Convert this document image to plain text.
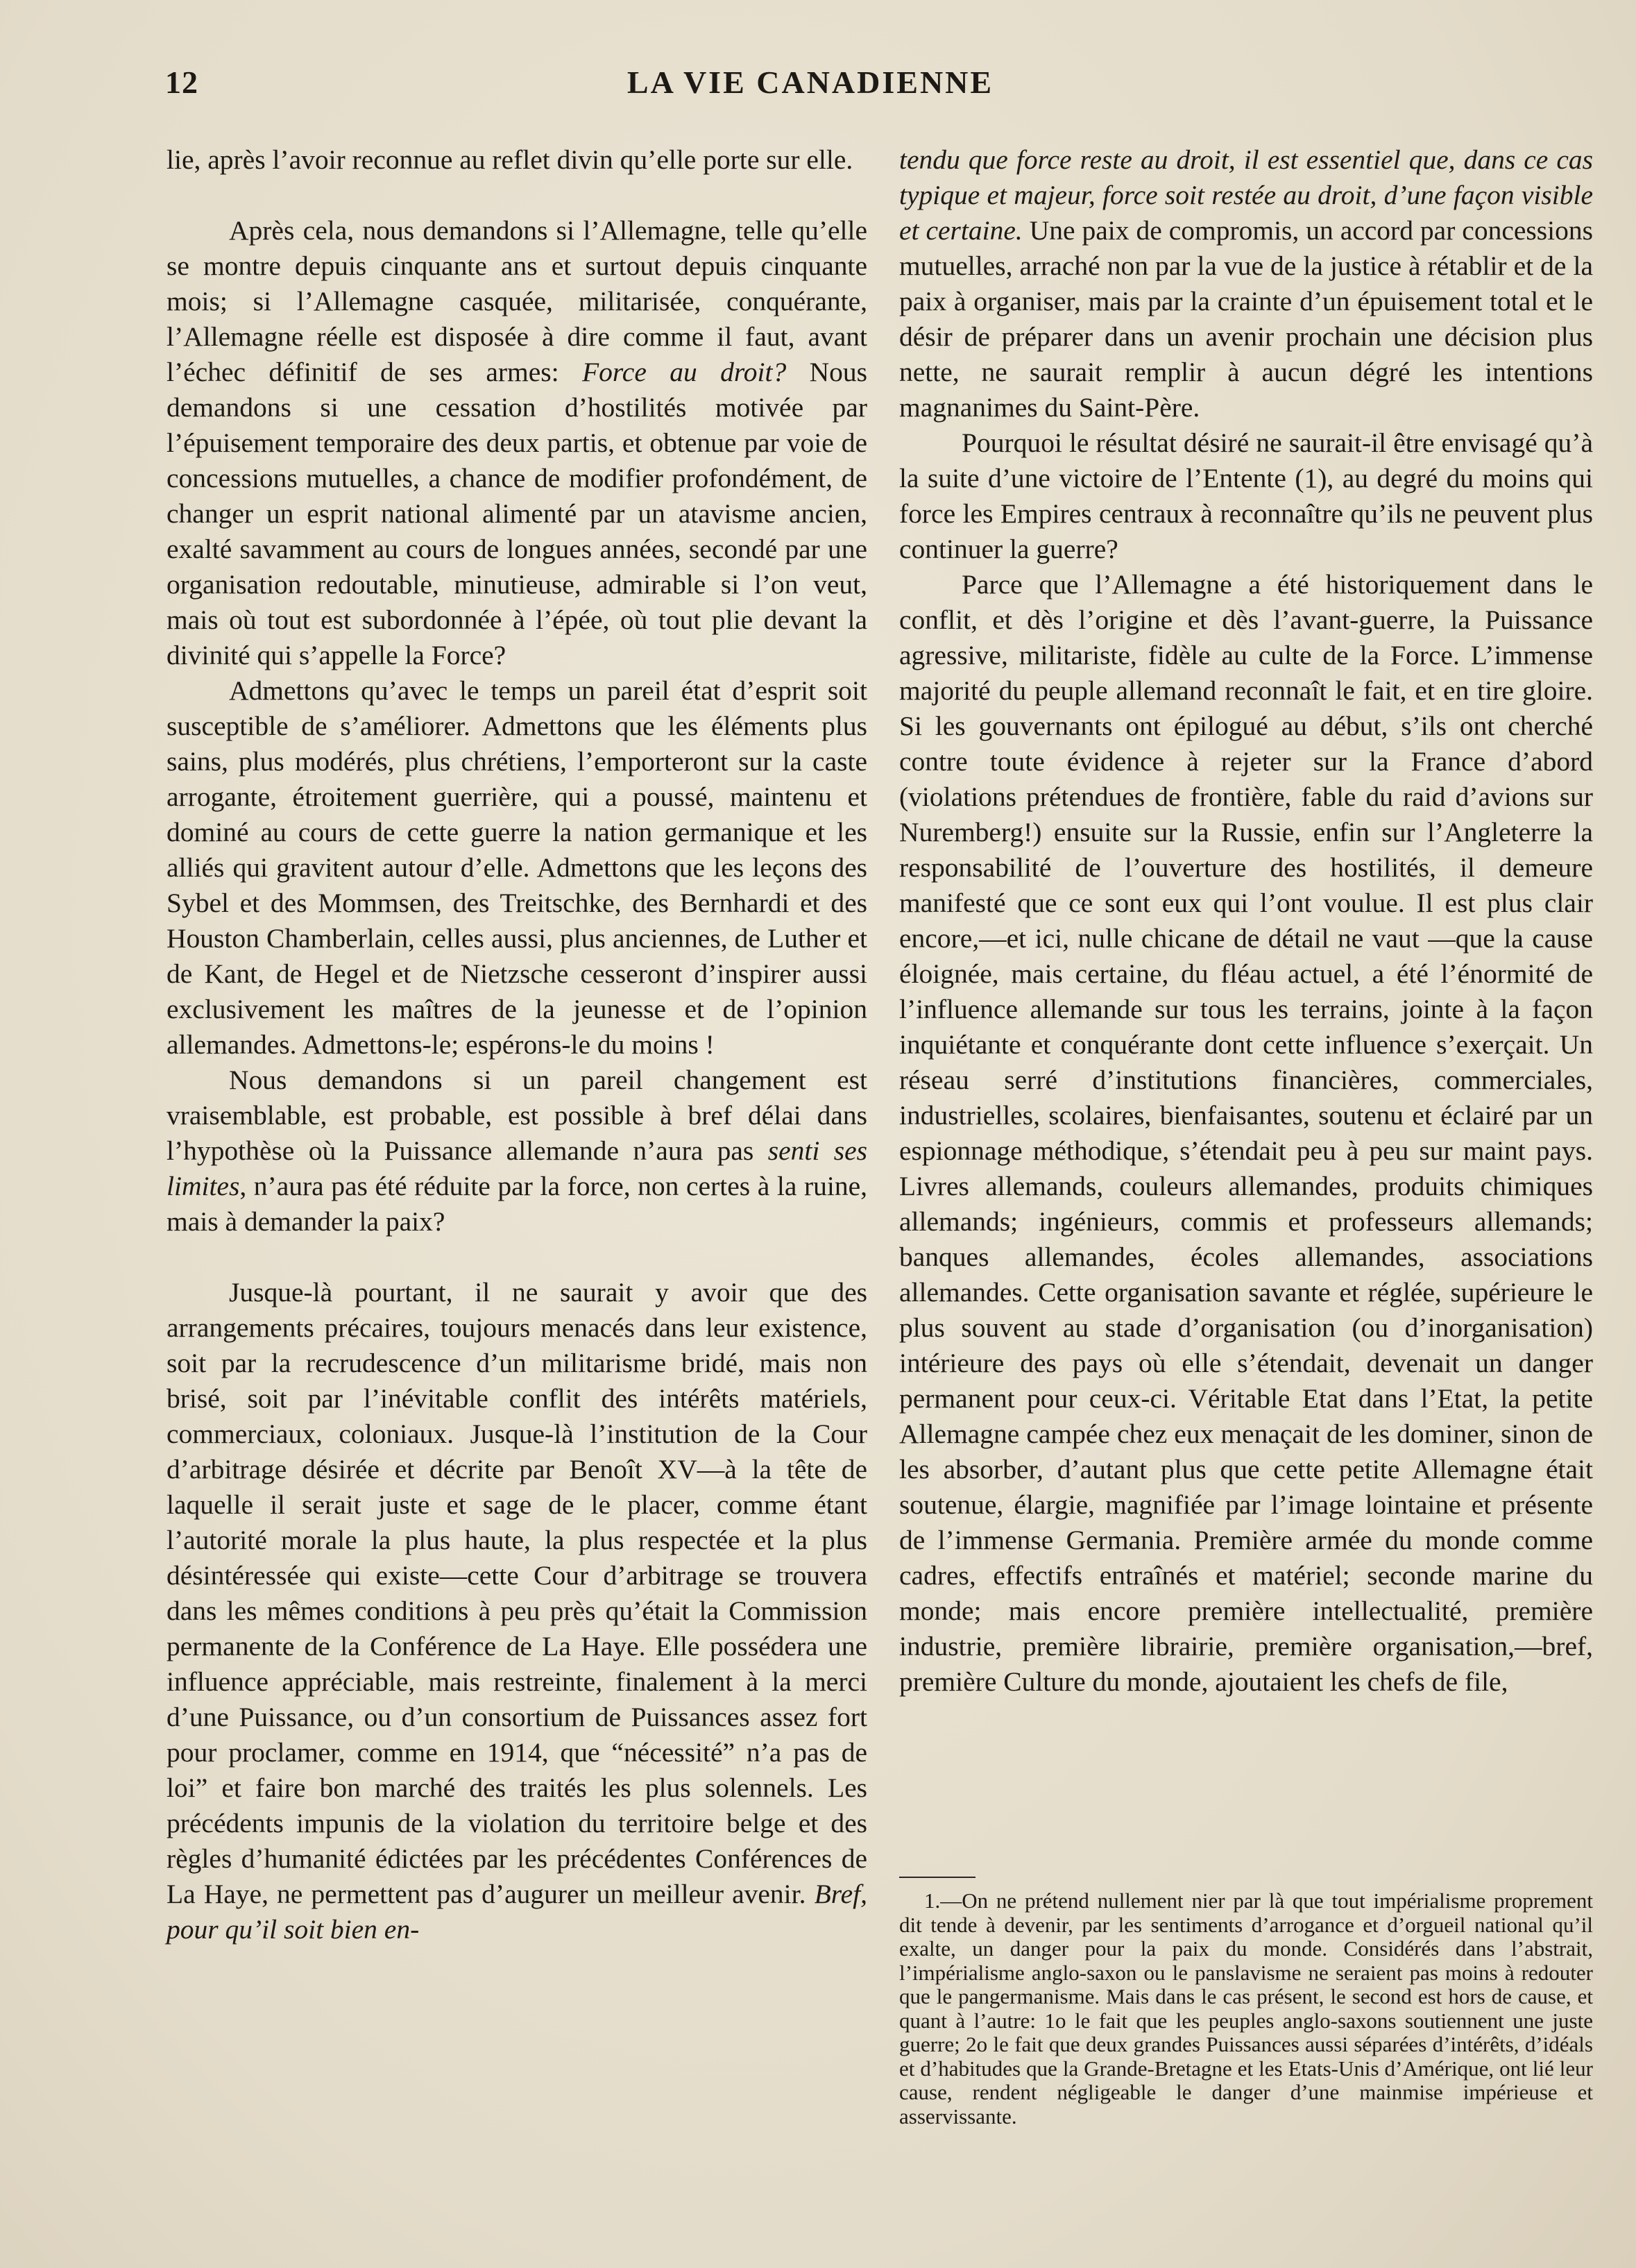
12	LA VIE CANADIENNE

lie, après l’avoir reconnue au reflet divin qu’elle porte sur elle.

Après cela, nous demandons si l’Allemagne, telle qu’elle se montre depuis cinquante ans et surtout depuis cinquante mois; si l’Allemagne casquée, militarisée, conquérante, l’Allemagne réelle est disposée à dire comme il faut, avant l’échec définitif de ses armes: Force au droit? Nous demandons si une cessation d’hostilités motivée par l’épuisement temporaire des deux partis, et obtenue par voie de concessions mutuelles, a chance de modifier profondément, de changer un esprit national alimenté par un atavisme ancien, exalté savamment au cours de longues années, secondé par une organisation redoutable, minutieuse, admirable si l’on veut, mais où tout est subordonnée à l’épée, où tout plie devant la divinité qui s’appelle la Force?

Admettons qu’avec le temps un pareil état d’esprit soit susceptible de s’améliorer. Admettons que les éléments plus sains, plus modérés, plus chrétiens, l’emporteront sur la caste arrogante, étroitement guerrière, qui a poussé, maintenu et dominé au cours de cette guerre la nation germanique et les alliés qui gravitent autour d’elle. Admettons que les leçons des Sybel et des Mommsen, des Treitschke, des Bernhardi et des Houston Chamberlain, celles aussi, plus anciennes, de Luther et de Kant, de Hegel et de Nietzsche cesseront d’inspirer aussi exclusivement les maîtres de la jeunesse et de l’opinion allemandes. Admettons-le; espérons-le du moins !

Nous demandons si un pareil changement est vraisemblable, est probable, est possible à bref délai dans l’hypothèse où la Puissance allemande n’aura pas senti ses limites, n’aura pas été réduite par la force, non certes à la ruine, mais à demander la paix?

Jusque-là pourtant, il ne saurait y avoir que des arrangements précaires, toujours menacés dans leur existence, soit par la recrudescence d’un militarisme bridé, mais non brisé, soit par l’inévitable conflit des intérêts matériels, commerciaux, coloniaux. Jusque-là l’institution de la Cour d’arbitrage désirée et décrite par Benoît XV—à la tête de laquelle il serait juste et sage de le placer, comme étant l’autorité morale la plus haute, la plus respectée et la plus désintéressée qui existe—cette Cour d’arbitrage se trouvera dans les mêmes conditions à peu près qu’était la Commission permanente de la Conférence de La Haye. Elle possédera une influence appréciable, mais restreinte, finalement à la merci d’une Puissance, ou d’un consortium de Puissances assez fort pour proclamer, comme en 1914, que “nécessité” n’a pas de loi” et faire bon marché des traités les plus solennels. Les précédents impunis de la violation du territoire belge et des règles d’humanité édictées par les précédentes Conférences de La Haye, ne permettent pas d’augurer un meilleur avenir. Bref, pour qu’il soit bien en-

tendu que force reste au droit, il est essentiel que, dans ce cas typique et majeur, force soit restée au droit, d’une façon visible et certaine. Une paix de compromis, un accord par concessions mutuelles, arraché non par la vue de la justice à rétablir et de la paix à organiser, mais par la crainte d’un épuisement total et le désir de préparer dans un avenir prochain une décision plus nette, ne saurait remplir à aucun dégré les intentions magnanimes du Saint-Père.

Pourquoi le résultat désiré ne saurait-il être envisagé qu’à la suite d’une victoire de l’Entente (1), au degré du moins qui force les Empires centraux à reconnaître qu’ils ne peuvent plus continuer la guerre?

Parce que l’Allemagne a été historiquement dans le conflit, et dès l’origine et dès l’avant-guerre, la Puissance agressive, militariste, fidèle au culte de la Force. L’immense majorité du peuple allemand reconnaît le fait, et en tire gloire. Si les gouvernants ont épilogué au début, s’ils ont cherché contre toute évidence à rejeter sur la France d’abord (violations prétendues de frontière, fable du raid d’avions sur Nuremberg!) ensuite sur la Russie, enfin sur l’Angleterre la responsabilité de l’ouverture des hostilités, il demeure manifesté que ce sont eux qui l’ont voulue. Il est plus clair encore,—et ici, nulle chicane de détail ne vaut —que la cause éloignée, mais certaine, du fléau actuel, a été l’énormité de l’influence allemande sur tous les terrains, jointe à la façon inquiétante et conquérante dont cette influence s’exerçait. Un réseau serré d’institutions financières, commerciales, industrielles, scolaires, bienfaisantes, soutenu et éclairé par un espionnage méthodique, s’étendait peu à peu sur maint pays. Livres allemands, couleurs allemandes, produits chimiques allemands; ingénieurs, commis et professeurs allemands; banques allemandes, écoles allemandes, associations allemandes. Cette organisation savante et réglée, supérieure le plus souvent au stade d’organisation (ou d’inorganisation) intérieure des pays où elle s’étendait, devenait un danger permanent pour ceux-ci. Véritable Etat dans l’Etat, la petite Allemagne campée chez eux menaçait de les dominer, sinon de les absorber, d’autant plus que cette petite Allemagne était soutenue, élargie, magnifiée par l’image lointaine et présente de l’immense Germania. Première armée du monde comme cadres, effectifs entraînés et matériel; seconde marine du monde; mais encore première intellectualité, première industrie, première librairie, première organisation,—bref, première Culture du monde, ajoutaient les chefs de file,

1.—On ne prétend nullement nier par là que tout impérialisme proprement dit tende à devenir, par les sentiments d’arrogance et d’orgueil national qu’il exalte, un danger pour la paix du monde. Considérés dans l’abstrait, l’impérialisme anglo-saxon ou le panslavisme ne seraient pas moins à redouter que le pangermanisme. Mais dans le cas présent, le second est hors de cause, et quant à l’autre: 1o le fait que les peuples anglo-saxons soutiennent une juste guerre; 2o le fait que deux grandes Puissances aussi séparées d’intérêts, d’idéals et d’habitudes que la Grande-Bretagne et les Etats-Unis d’Amérique, ont lié leur cause, rendent négligeable le danger d’une mainmise impérieuse et asservissante.
